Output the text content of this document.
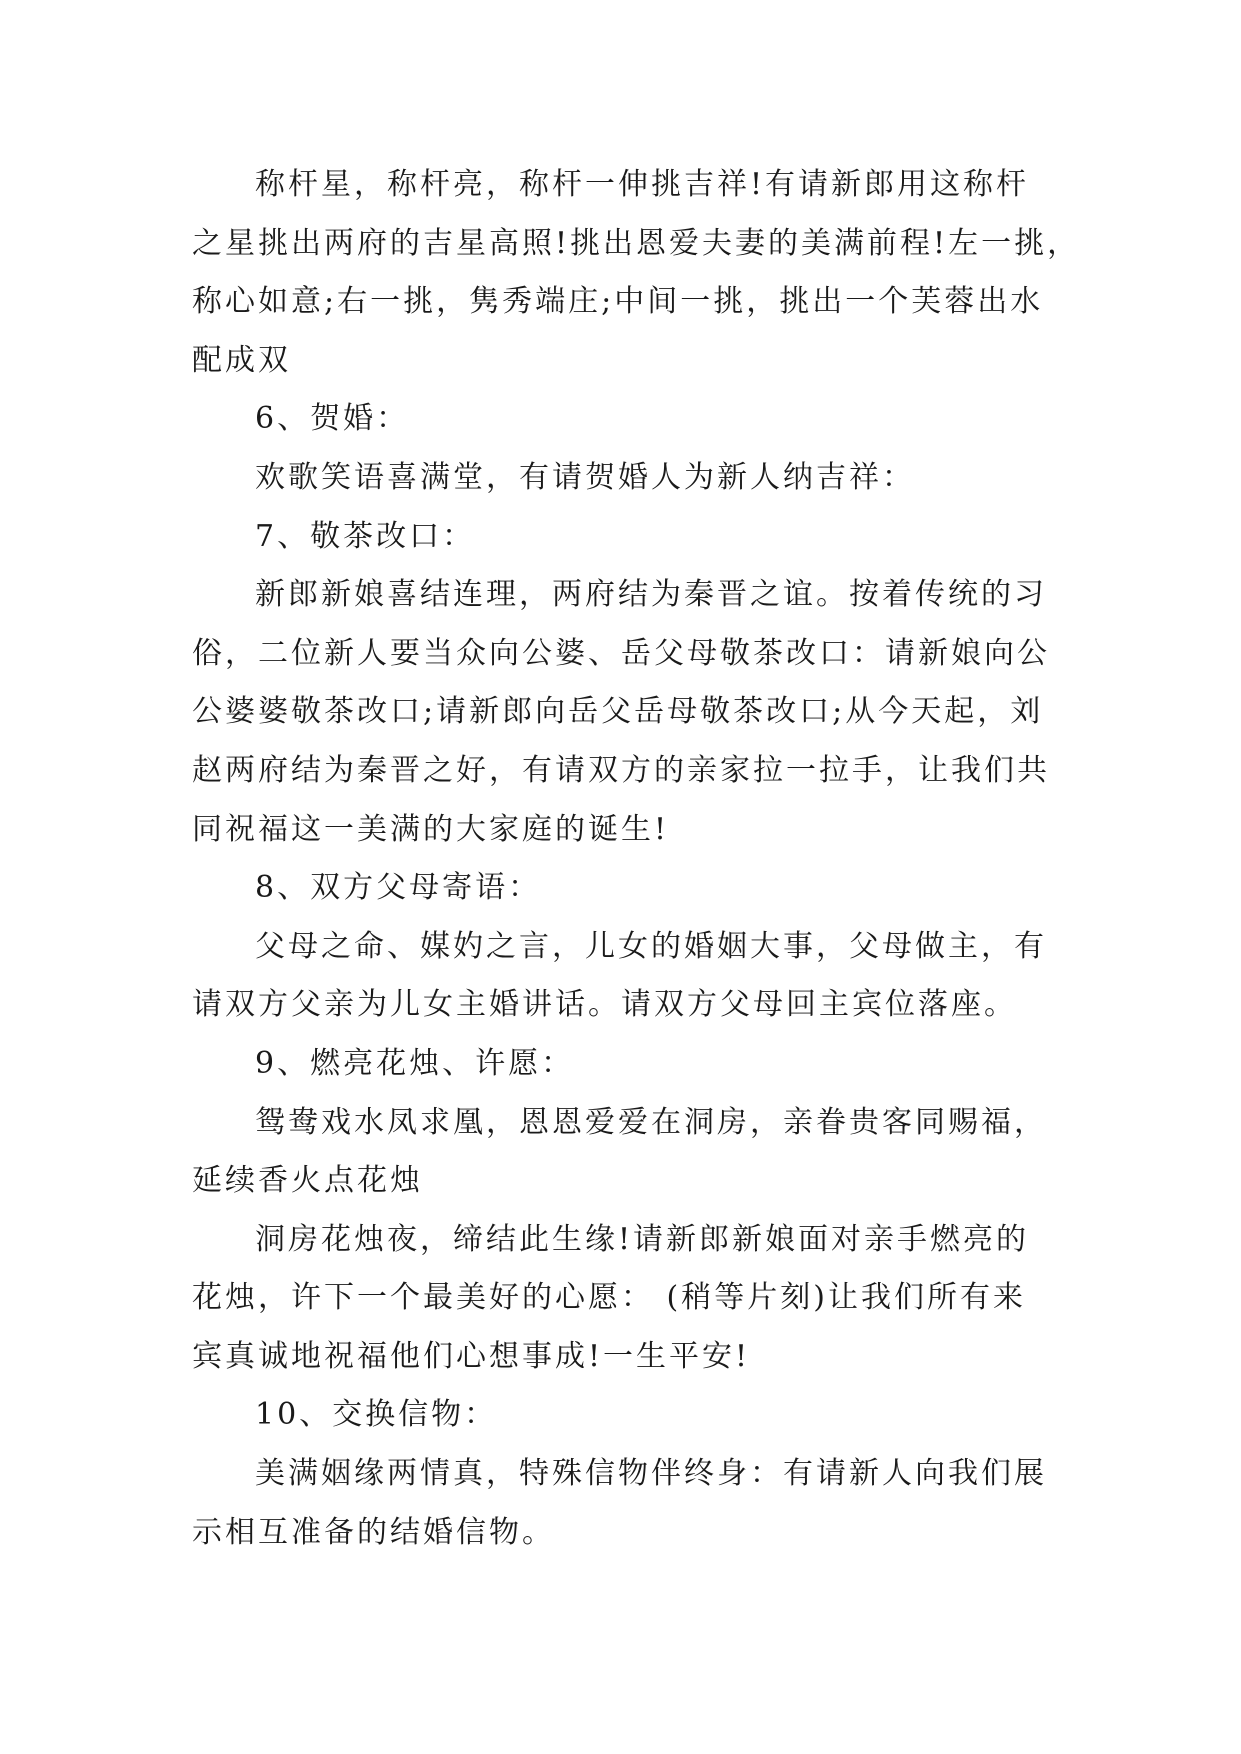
称杆星，称杆亮，称杆一伸挑吉祥!有请新郎用这称杆

之星挑出两府的吉星高照!挑出恩爱夫妻的美满前程!左一挑，

称心如意;右一挑，隽秀端庄;中间一挑，挑出一个芙蓉出水

配成双

6、贺婚：

欢歌笑语喜满堂，有请贺婚人为新人纳吉祥：

7、敬茶改口：

新郎新娘喜结连理，两府结为秦晋之谊。按着传统的习

俗，二位新人要当众向公婆、岳父母敬茶改口：请新娘向公

公婆婆敬茶改口;请新郎向岳父岳母敬茶改口;从今天起，刘

赵两府结为秦晋之好，有请双方的亲家拉一拉手，让我们共

同祝福这一美满的大家庭的诞生!

8、双方父母寄语：

父母之命、媒妁之言，儿女的婚姻大事，父母做主，有

请双方父亲为儿女主婚讲话。请双方父母回主宾位落座。

9、燃亮花烛、许愿：

鸳鸯戏水凤求凰，恩恩爱爱在洞房，亲眷贵客同赐福，

延续香火点花烛

洞房花烛夜，缔结此生缘!请新郎新娘面对亲手燃亮的

花烛，许下一个最美好的心愿： (稍等片刻)让我们所有来

宾真诚地祝福他们心想事成!一生平安!

10、交换信物：

美满姻缘两情真，特殊信物伴终身：有请新人向我们展

示相互准备的结婚信物。
